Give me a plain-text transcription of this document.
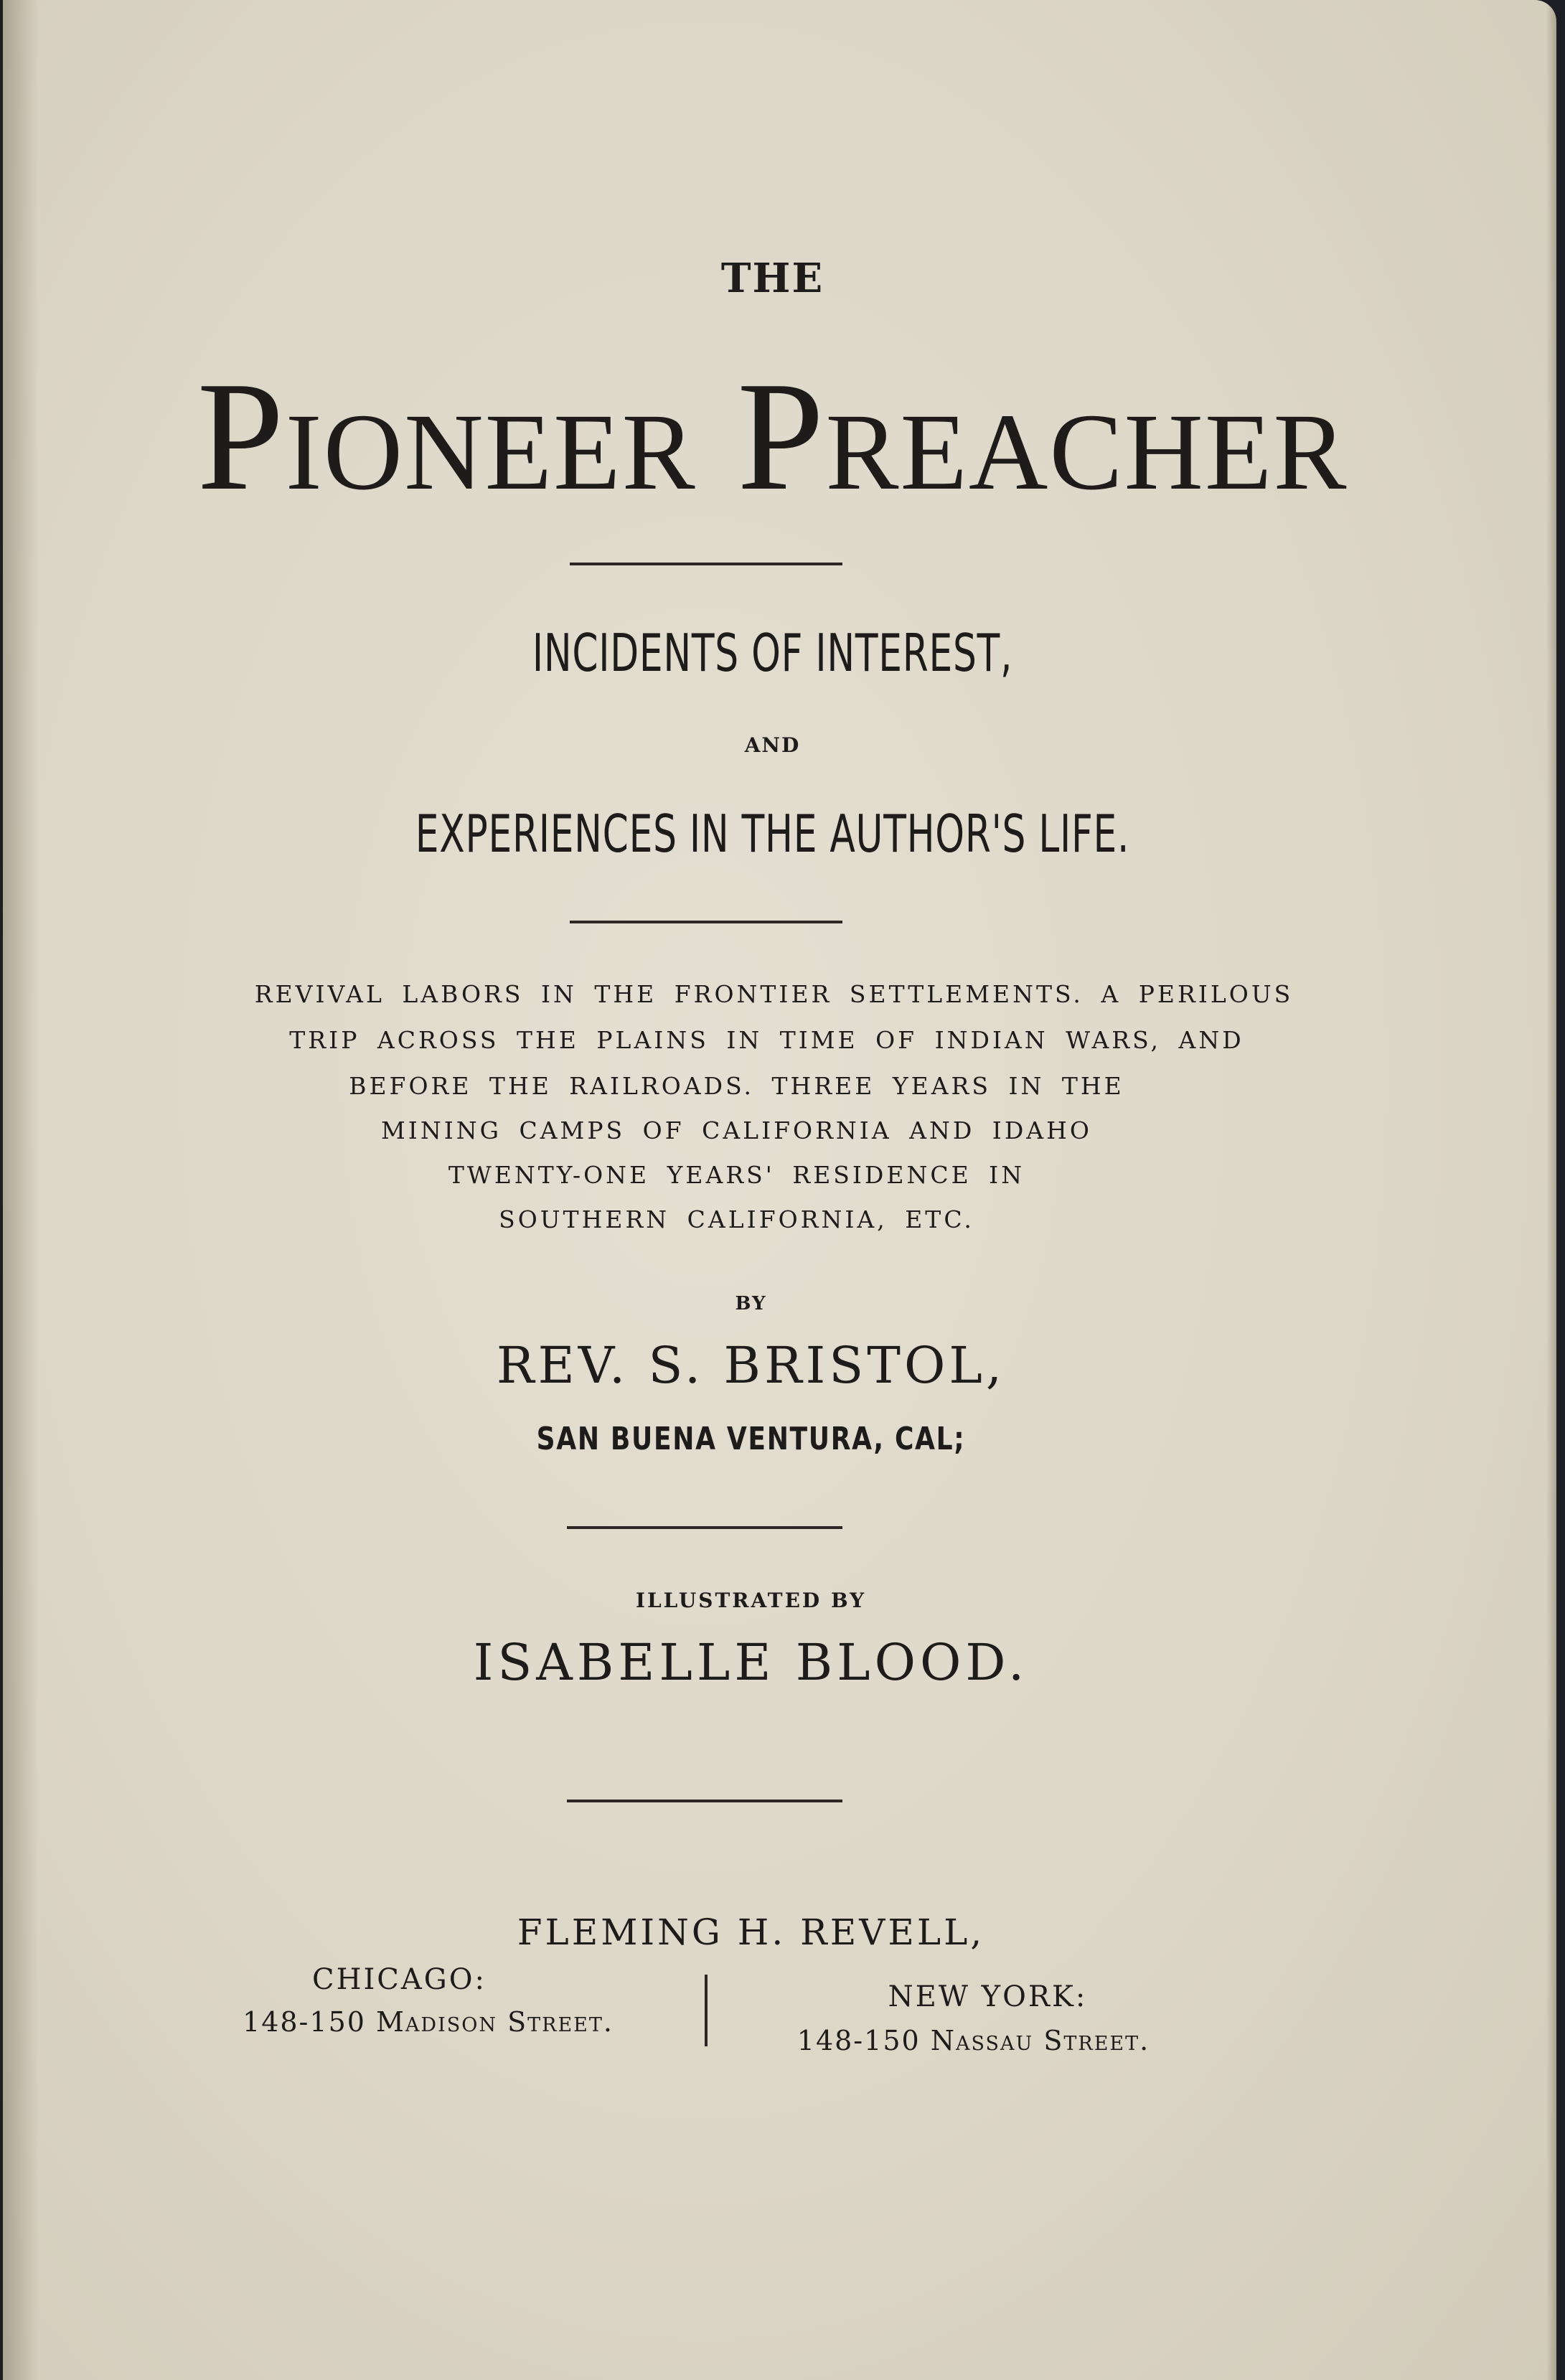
THE
Pioneer Preacher
INCIDENTS OF INTEREST,
AND
EXPERIENCES IN THE AUTHOR'S LIFE.
REVIVAL LABORS IN THE FRONTIER SETTLEMENTS. A PERILOUS
TRIP ACROSS THE PLAINS IN TIME OF INDIAN WARS, AND
BEFORE THE RAILROADS. THREE YEARS IN THE
MINING CAMPS OF CALIFORNIA AND IDAHO
TWENTY-ONE YEARS' RESIDENCE IN
SOUTHERN CALIFORNIA, ETC.
BY
REV. S. BRISTOL,
SAN BUENA VENTURA, CAL;
ILLUSTRATED BY
ISABELLE BLOOD.
FLEMING H. REVELL,
CHICAGO:
148-150 Madison Street.
NEW YORK:
148-150 Nassau Street.
